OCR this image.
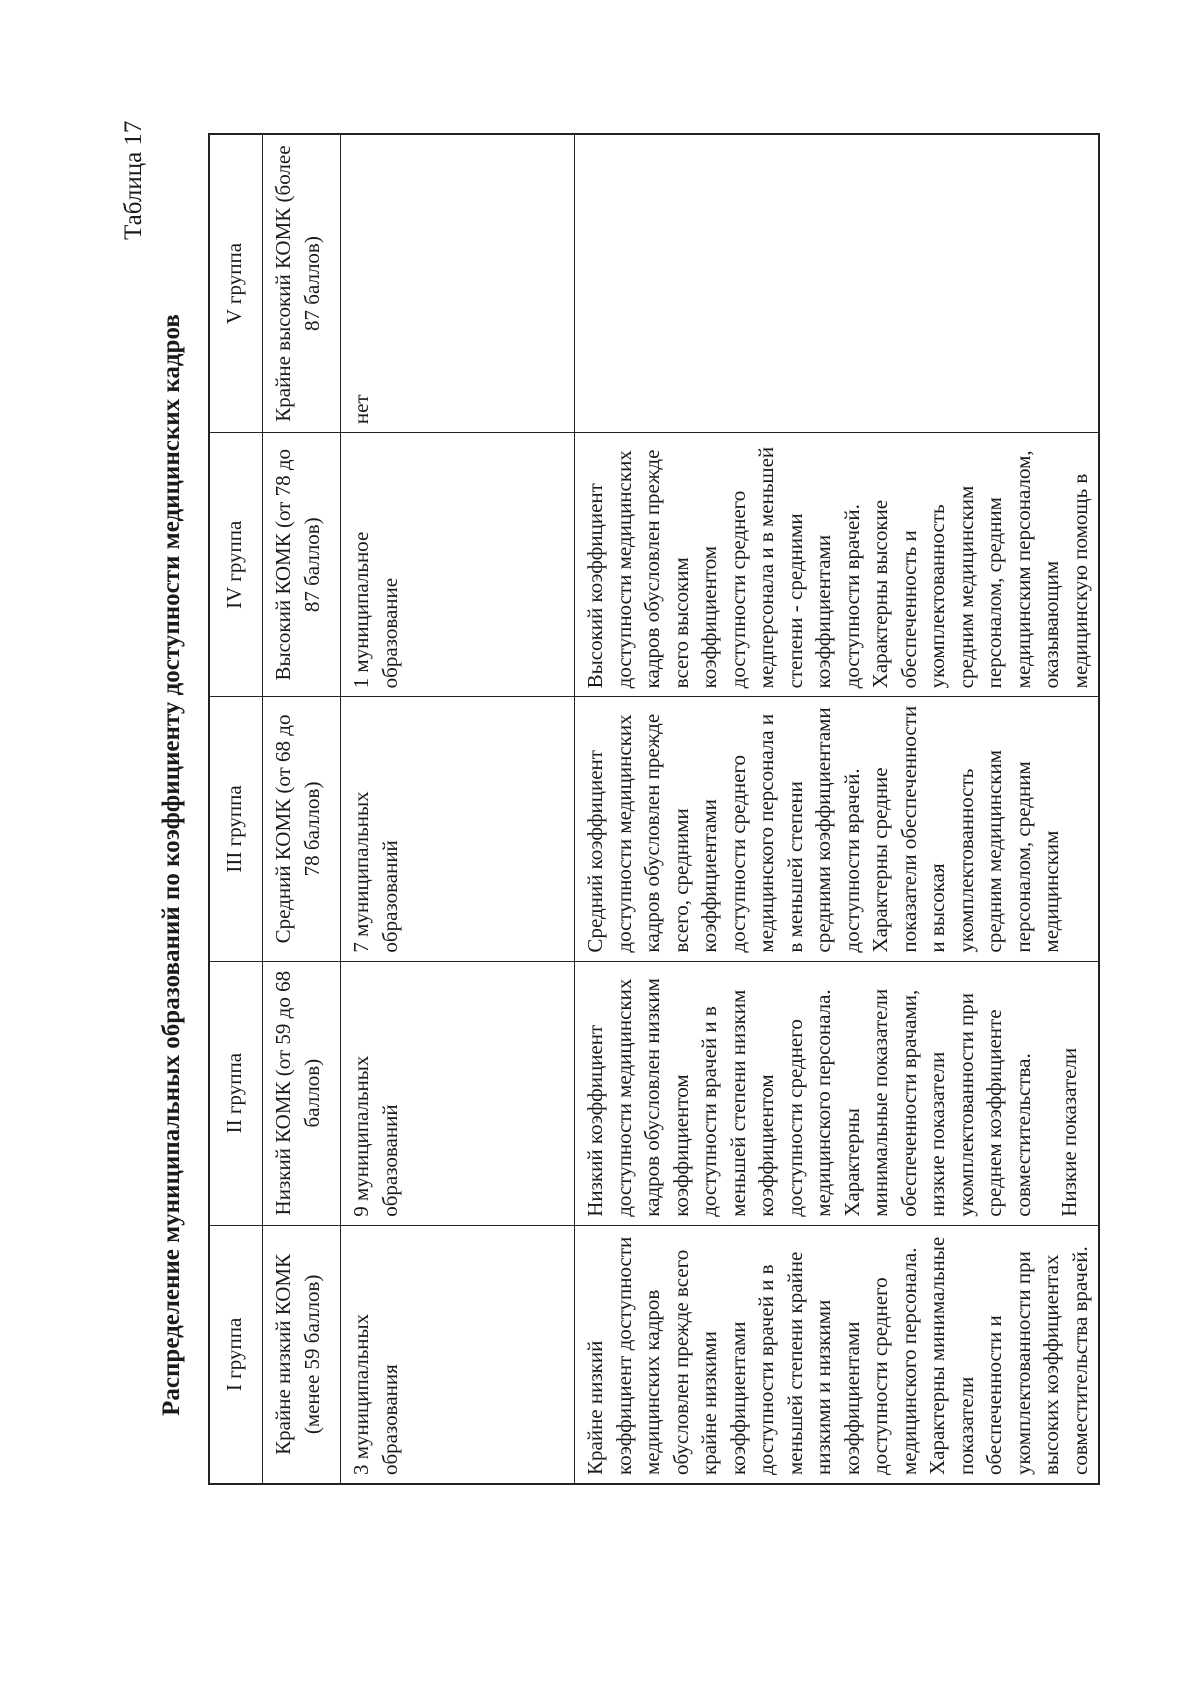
Таблица 17
Распределение муниципальных образований по коэффициенту доступности медицинских кадров	I группа
II группа
III группа
IV группа
V группа
Крайне низкий КОМК (менее 59 баллов)
Низкий КОМК (от 59 до 68 баллов)
Средний КОМК (от 68 до 78 баллов)
Высокий КОМК (от 78 до 87 баллов)
Крайне высокий КОМК (более 87 баллов)
3 муниципальных образования
9 муниципальных образований
7 муниципальных образований
1 муниципальное образование
нет
Крайне низкий коэффициент доступности медицинских кадров обусловлен прежде всего крайне низкими коэффициентами доступности врачей и в меньшей степени крайне низкими и низкими коэффициентами доступности среднего медицинского персонала. Характерны минимальные показатели обеспеченности и укомплектованности при высоких коэффициентах совместительства врачей.
Низкий коэффициент доступности медицинских кадров обусловлен низким коэффициентом доступности врачей и в меньшей степени низким коэффициентом доступности среднего медицинского персонала. Характерны минимальные показатели обеспеченности врачами, низкие показатели укомплектованности при среднем коэффициенте совместительства. Низкие показатели
Средний коэффициент доступности медицинских кадров обусловлен прежде всего, средними коэффициентами доступности среднего медицинского персонала и в меньшей степени средними коэффициентами доступности врачей. Характерны средние показатели обеспеченности и высокая укомплектованность средним медицинским персоналом, средним медицинским
Высокий коэффициент доступности медицинских кадров обусловлен прежде всего высоким коэффициентом доступности среднего медперсонала и в меньшей степени - средними коэффициентами доступности врачей. Характерны высокие обеспеченность и укомплектованность средним медицинским персоналом, средним медицинским персоналом, оказывающим медицинскую помощь в
